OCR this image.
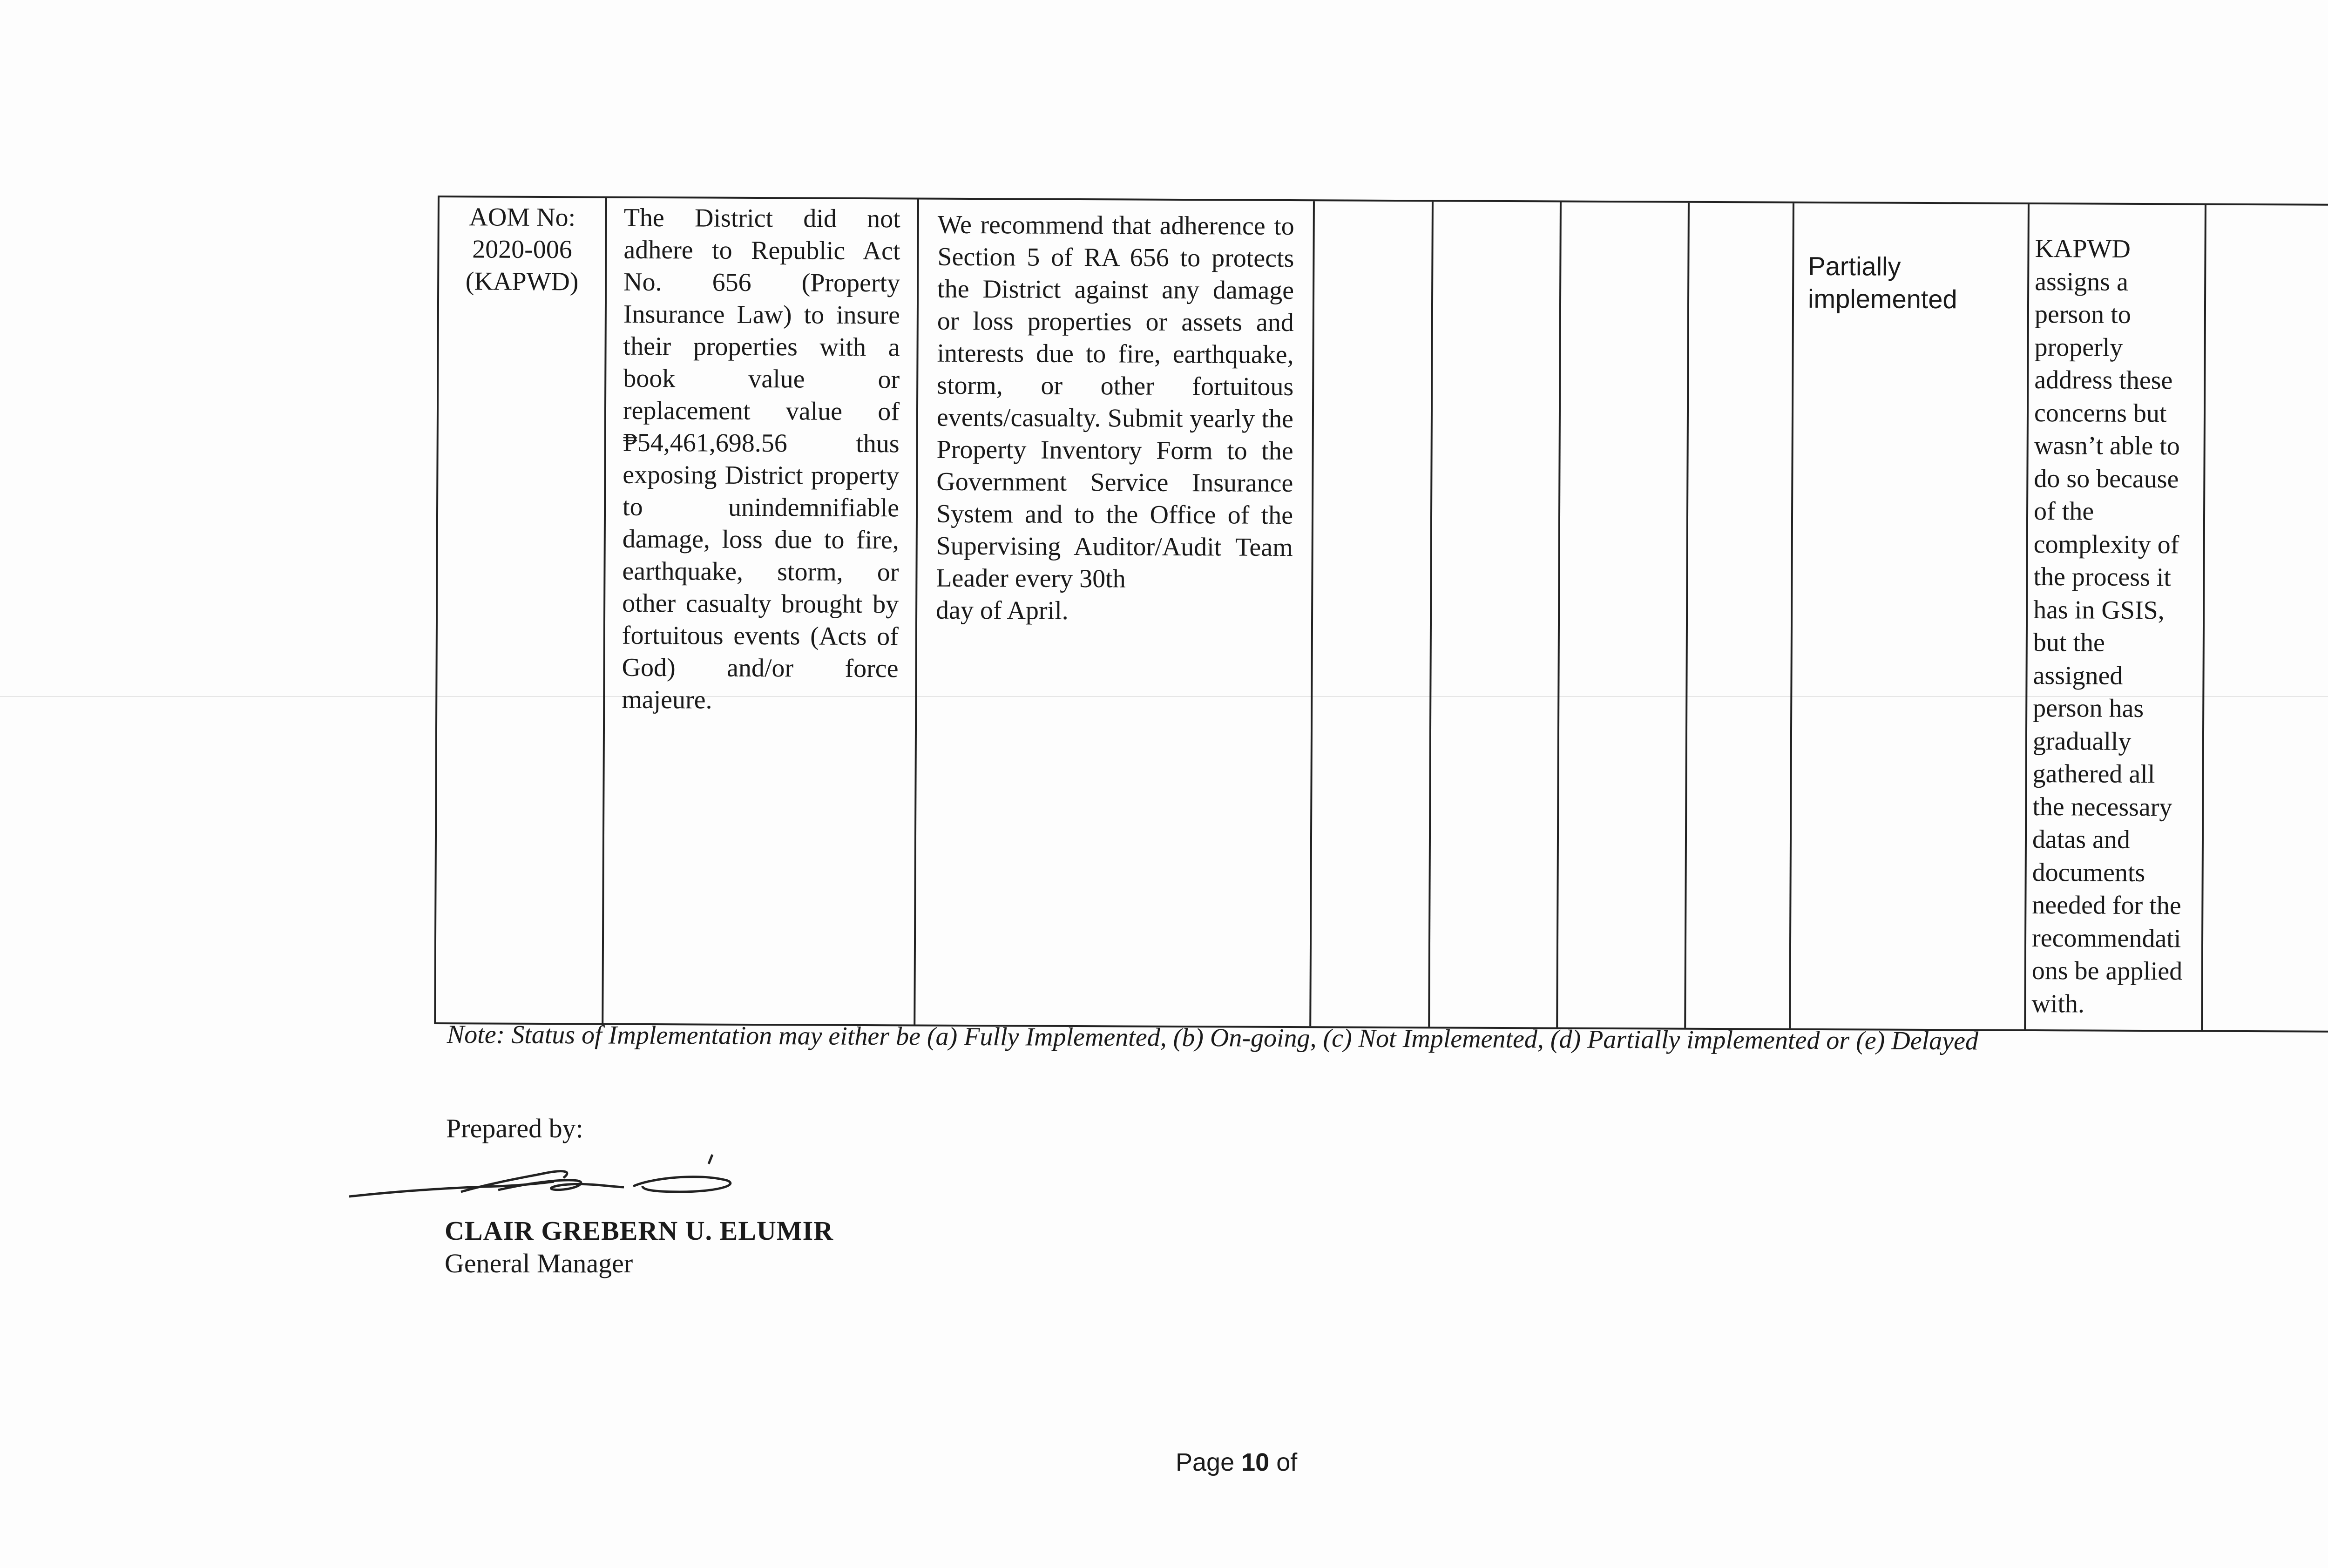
AOM No:
2020-006
(KAPWD)
The District did not adhere to Republic Act No. 656 (Property Insurance Law) to insure their properties with a book value or replacement value of ₱54,461,698.56 thus exposing District property to unindemnifiable damage, loss due to fire, earthquake, storm, or other casualty brought by fortuitous events (Acts of God) and/or force majeure.
We recommend that adherence to Section 5 of RA 656 to protects the District against any damage or loss properties or assets and interests due to fire, earthquake, storm, or other fortuitous events/casualty. Submit yearly the Property Inventory Form to the Government Service Insurance System and to the Office of the Supervising Auditor/Audit Team Leader every 30th
day of April.
Partially
implemented
KAPWD
assigns a
person to
properly
address these
concerns but
wasn’t able to
do so because
of the
complexity of
the process it
has in GSIS,
but the
assigned
person has
gradually
gathered all
the necessary
datas and
documents
needed for the
recommendati
ons be applied
with.
Note: Status of Implementation may either be (a) Fully Implemented, (b) On-going, (c) Not Implemented, (d) Partially implemented or (e) Delayed
Prepared by:
CLAIR GREBERN U. ELUMIR
General Manager
Page 10 of
